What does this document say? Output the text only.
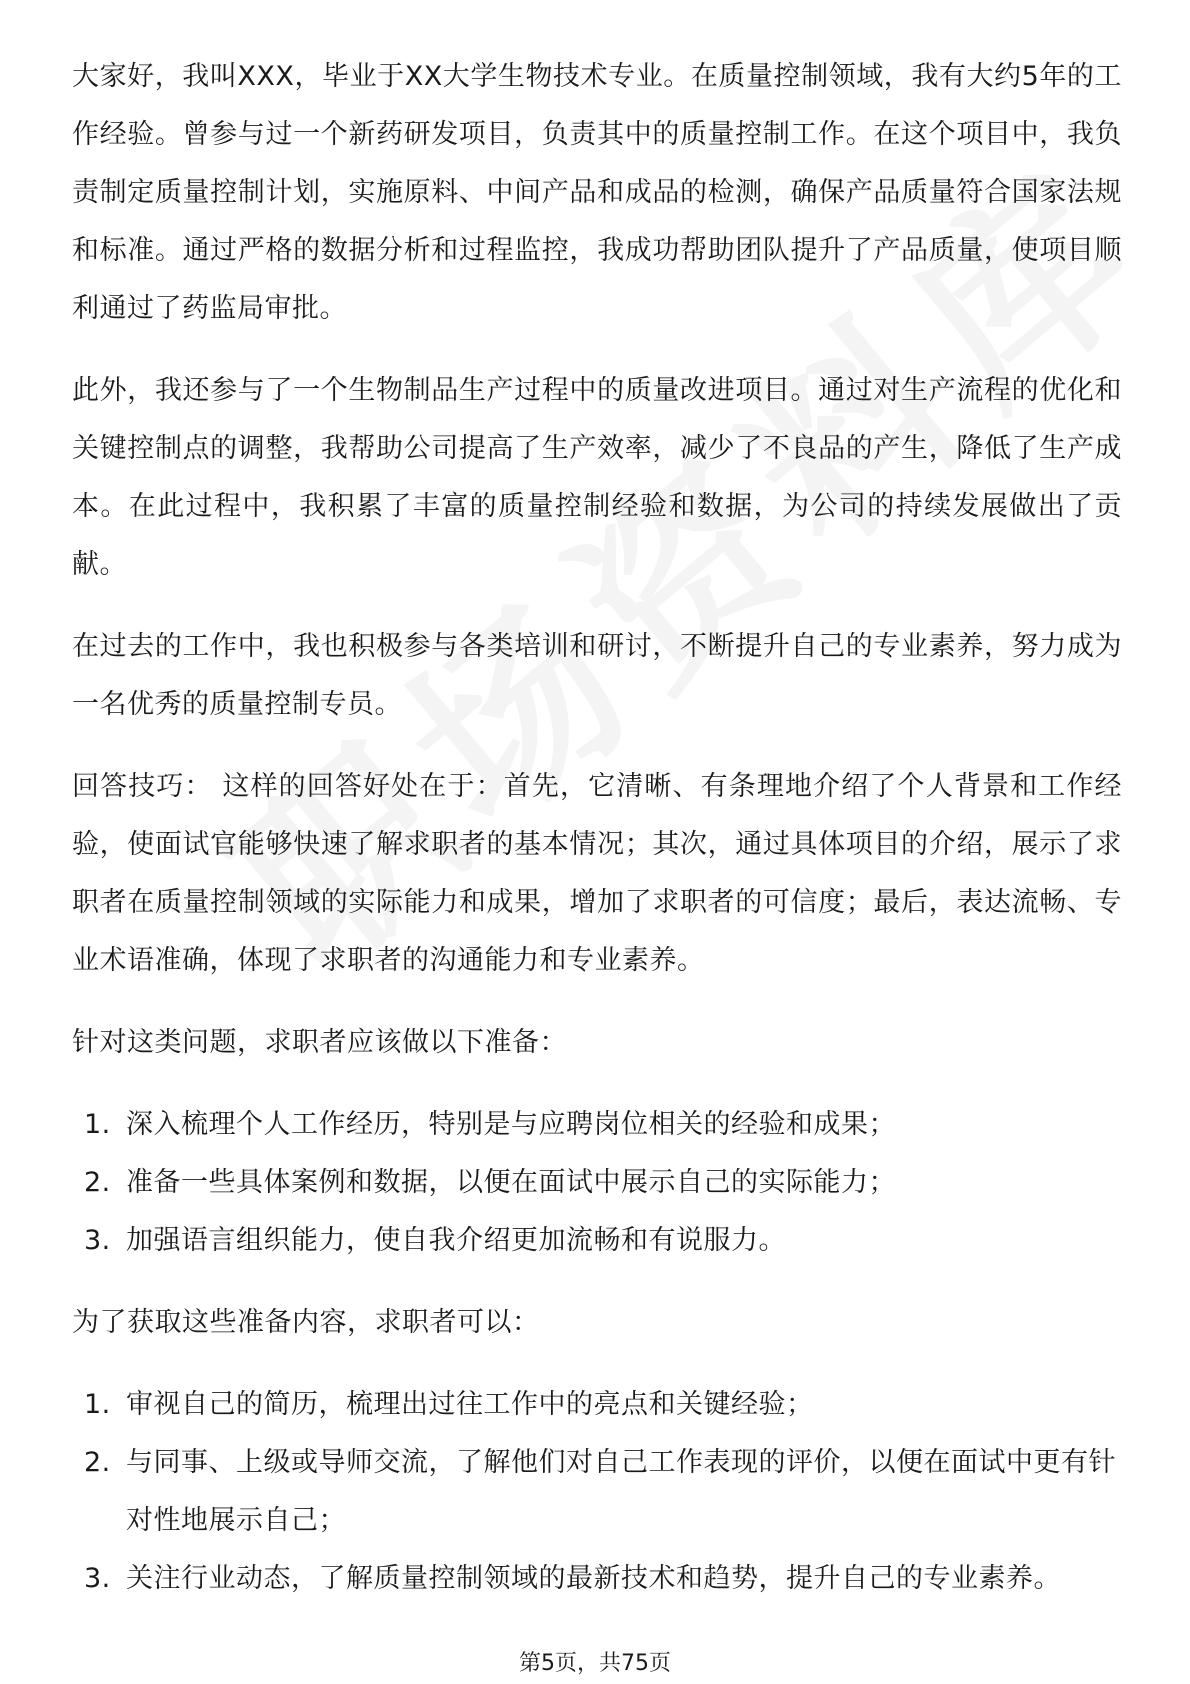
大家好，我叫XXX，毕业于XX大学生物技术专业。在质量控制领域，我有大约5年的工作经验。曾参与过一个新药研发项目，负责其中的质量控制工作。在这个项目中，我负责制定质量控制计划，实施原料、中间产品和成品的检测，确保产品质量符合国家法规和标准。通过严格的数据分析和过程监控，我成功帮助团队提升了产品质量，使项目顺利通过了药监局审批。

此外，我还参与了一个生物制品生产过程中的质量改进项目。通过对生产流程的优化和关键控制点的调整，我帮助公司提高了生产效率，减少了不良品的产生，降低了生产成本。在此过程中，我积累了丰富的质量控制经验和数据，为公司的持续发展做出了贡献。

在过去的工作中，我也积极参与各类培训和研讨，不断提升自己的专业素养，努力成为一名优秀的质量控制专员。

回答技巧： 这样的回答好处在于：首先，它清晰、有条理地介绍了个人背景和工作经验，使面试官能够快速了解求职者的基本情况；其次，通过具体项目的介绍，展示了求职者在质量控制领域的实际能力和成果，增加了求职者的可信度；最后，表达流畅、专业术语准确，体现了求职者的沟通能力和专业素养。

针对这类问题，求职者应该做以下准备：

1. 深入梳理个人工作经历，特别是与应聘岗位相关的经验和成果；
2. 准备一些具体案例和数据，以便在面试中展示自己的实际能力；
3. 加强语言组织能力，使自我介绍更加流畅和有说服力。

为了获取这些准备内容，求职者可以：

1. 审视自己的简历，梳理出过往工作中的亮点和关键经验；
2. 与同事、上级或导师交流，了解他们对自己工作表现的评价，以便在面试中更有针对性地展示自己；
3. 关注行业动态，了解质量控制领域的最新技术和趋势，提升自己的专业素养。
第5页，共75页
